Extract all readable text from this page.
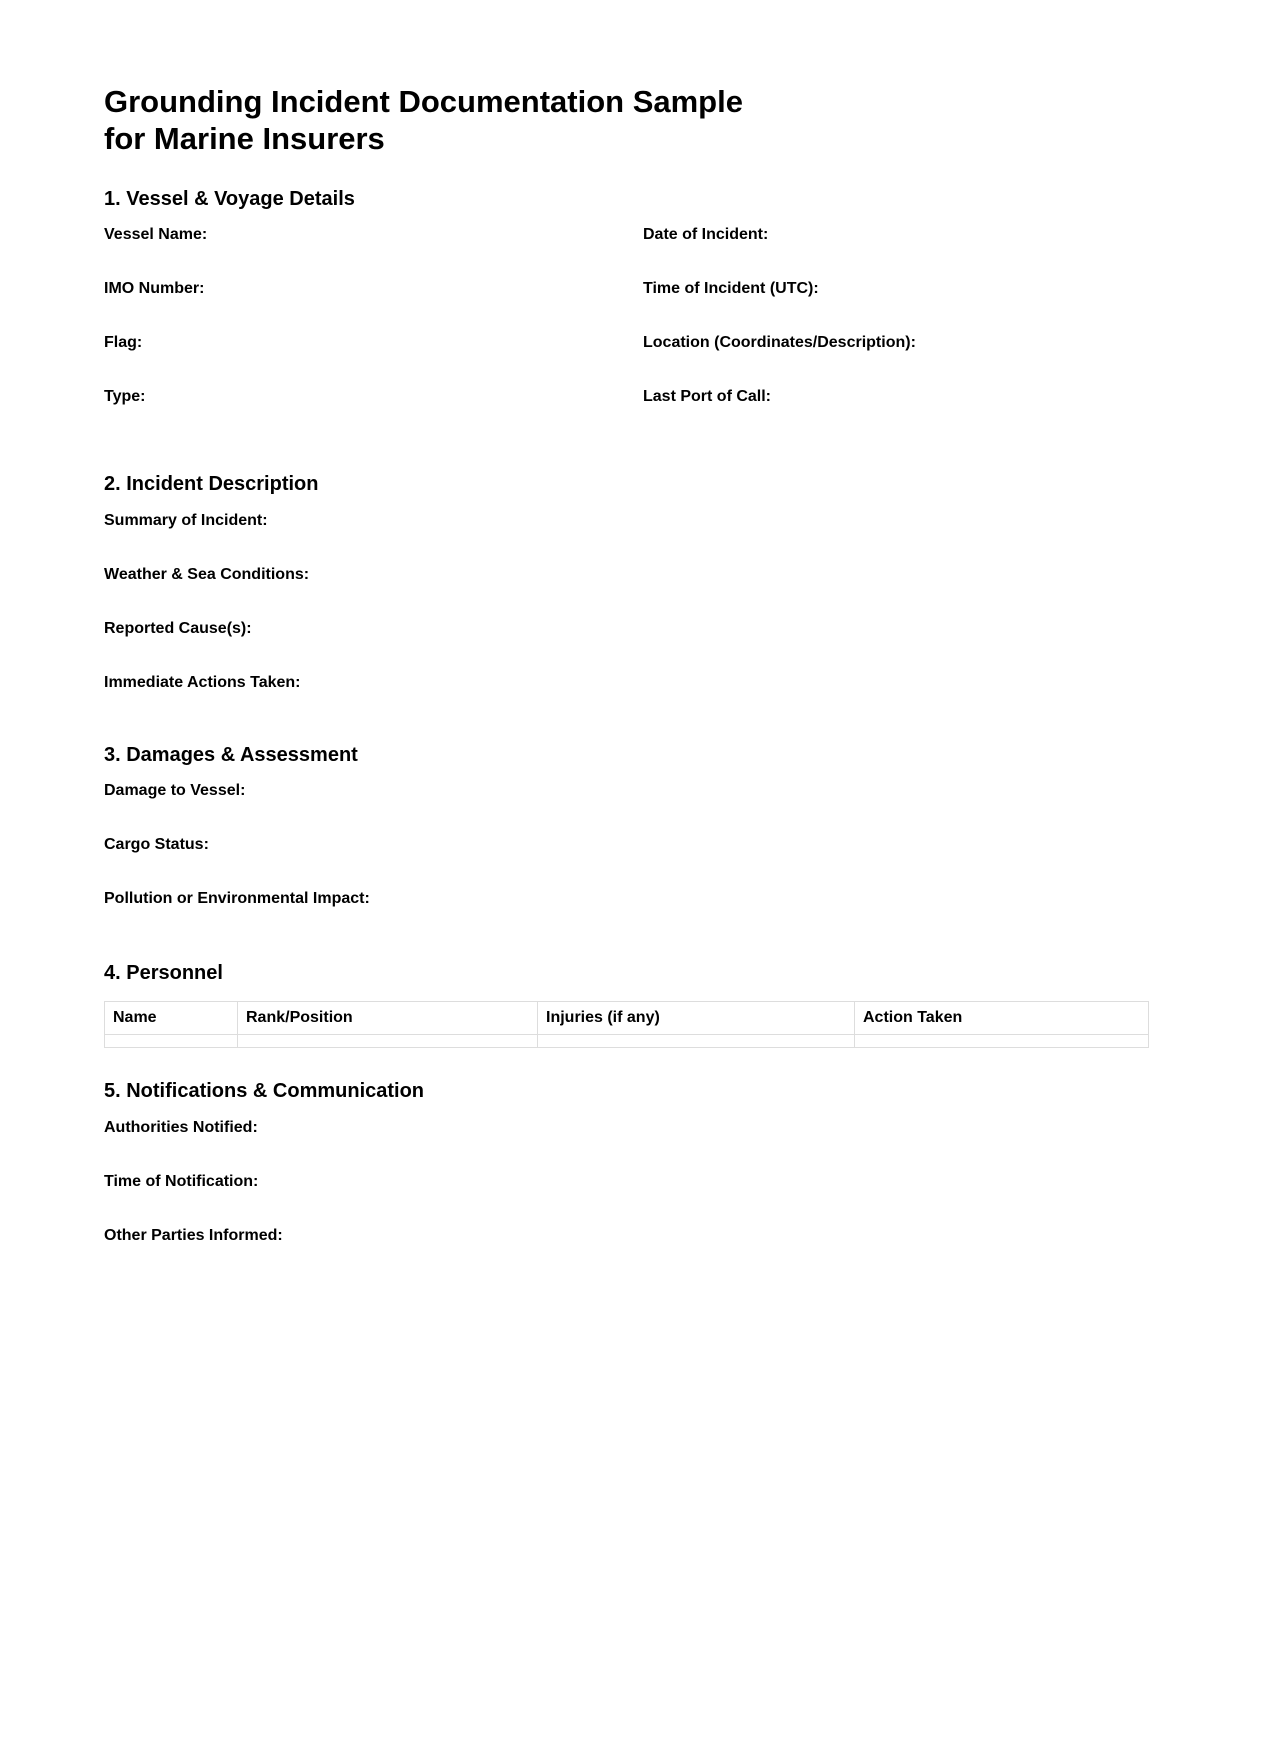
Grounding Incident Documentation Sample
for Marine Insurers
1. Vessel & Voyage Details
Vessel Name:
IMO Number:
Flag:
Type:
Date of Incident:
Time of Incident (UTC):
Location (Coordinates/Description):
Last Port of Call:
2. Incident Description
Summary of Incident:
Weather & Sea Conditions:
Reported Cause(s):
Immediate Actions Taken:
3. Damages & Assessment
Damage to Vessel:
Cargo Status:
Pollution or Environmental Impact:
4. Personnel
Name	Rank/Position	Injuries (if any)	Action Taken

5. Notifications & Communication
Authorities Notified:
Time of Notification:
Other Parties Informed:
